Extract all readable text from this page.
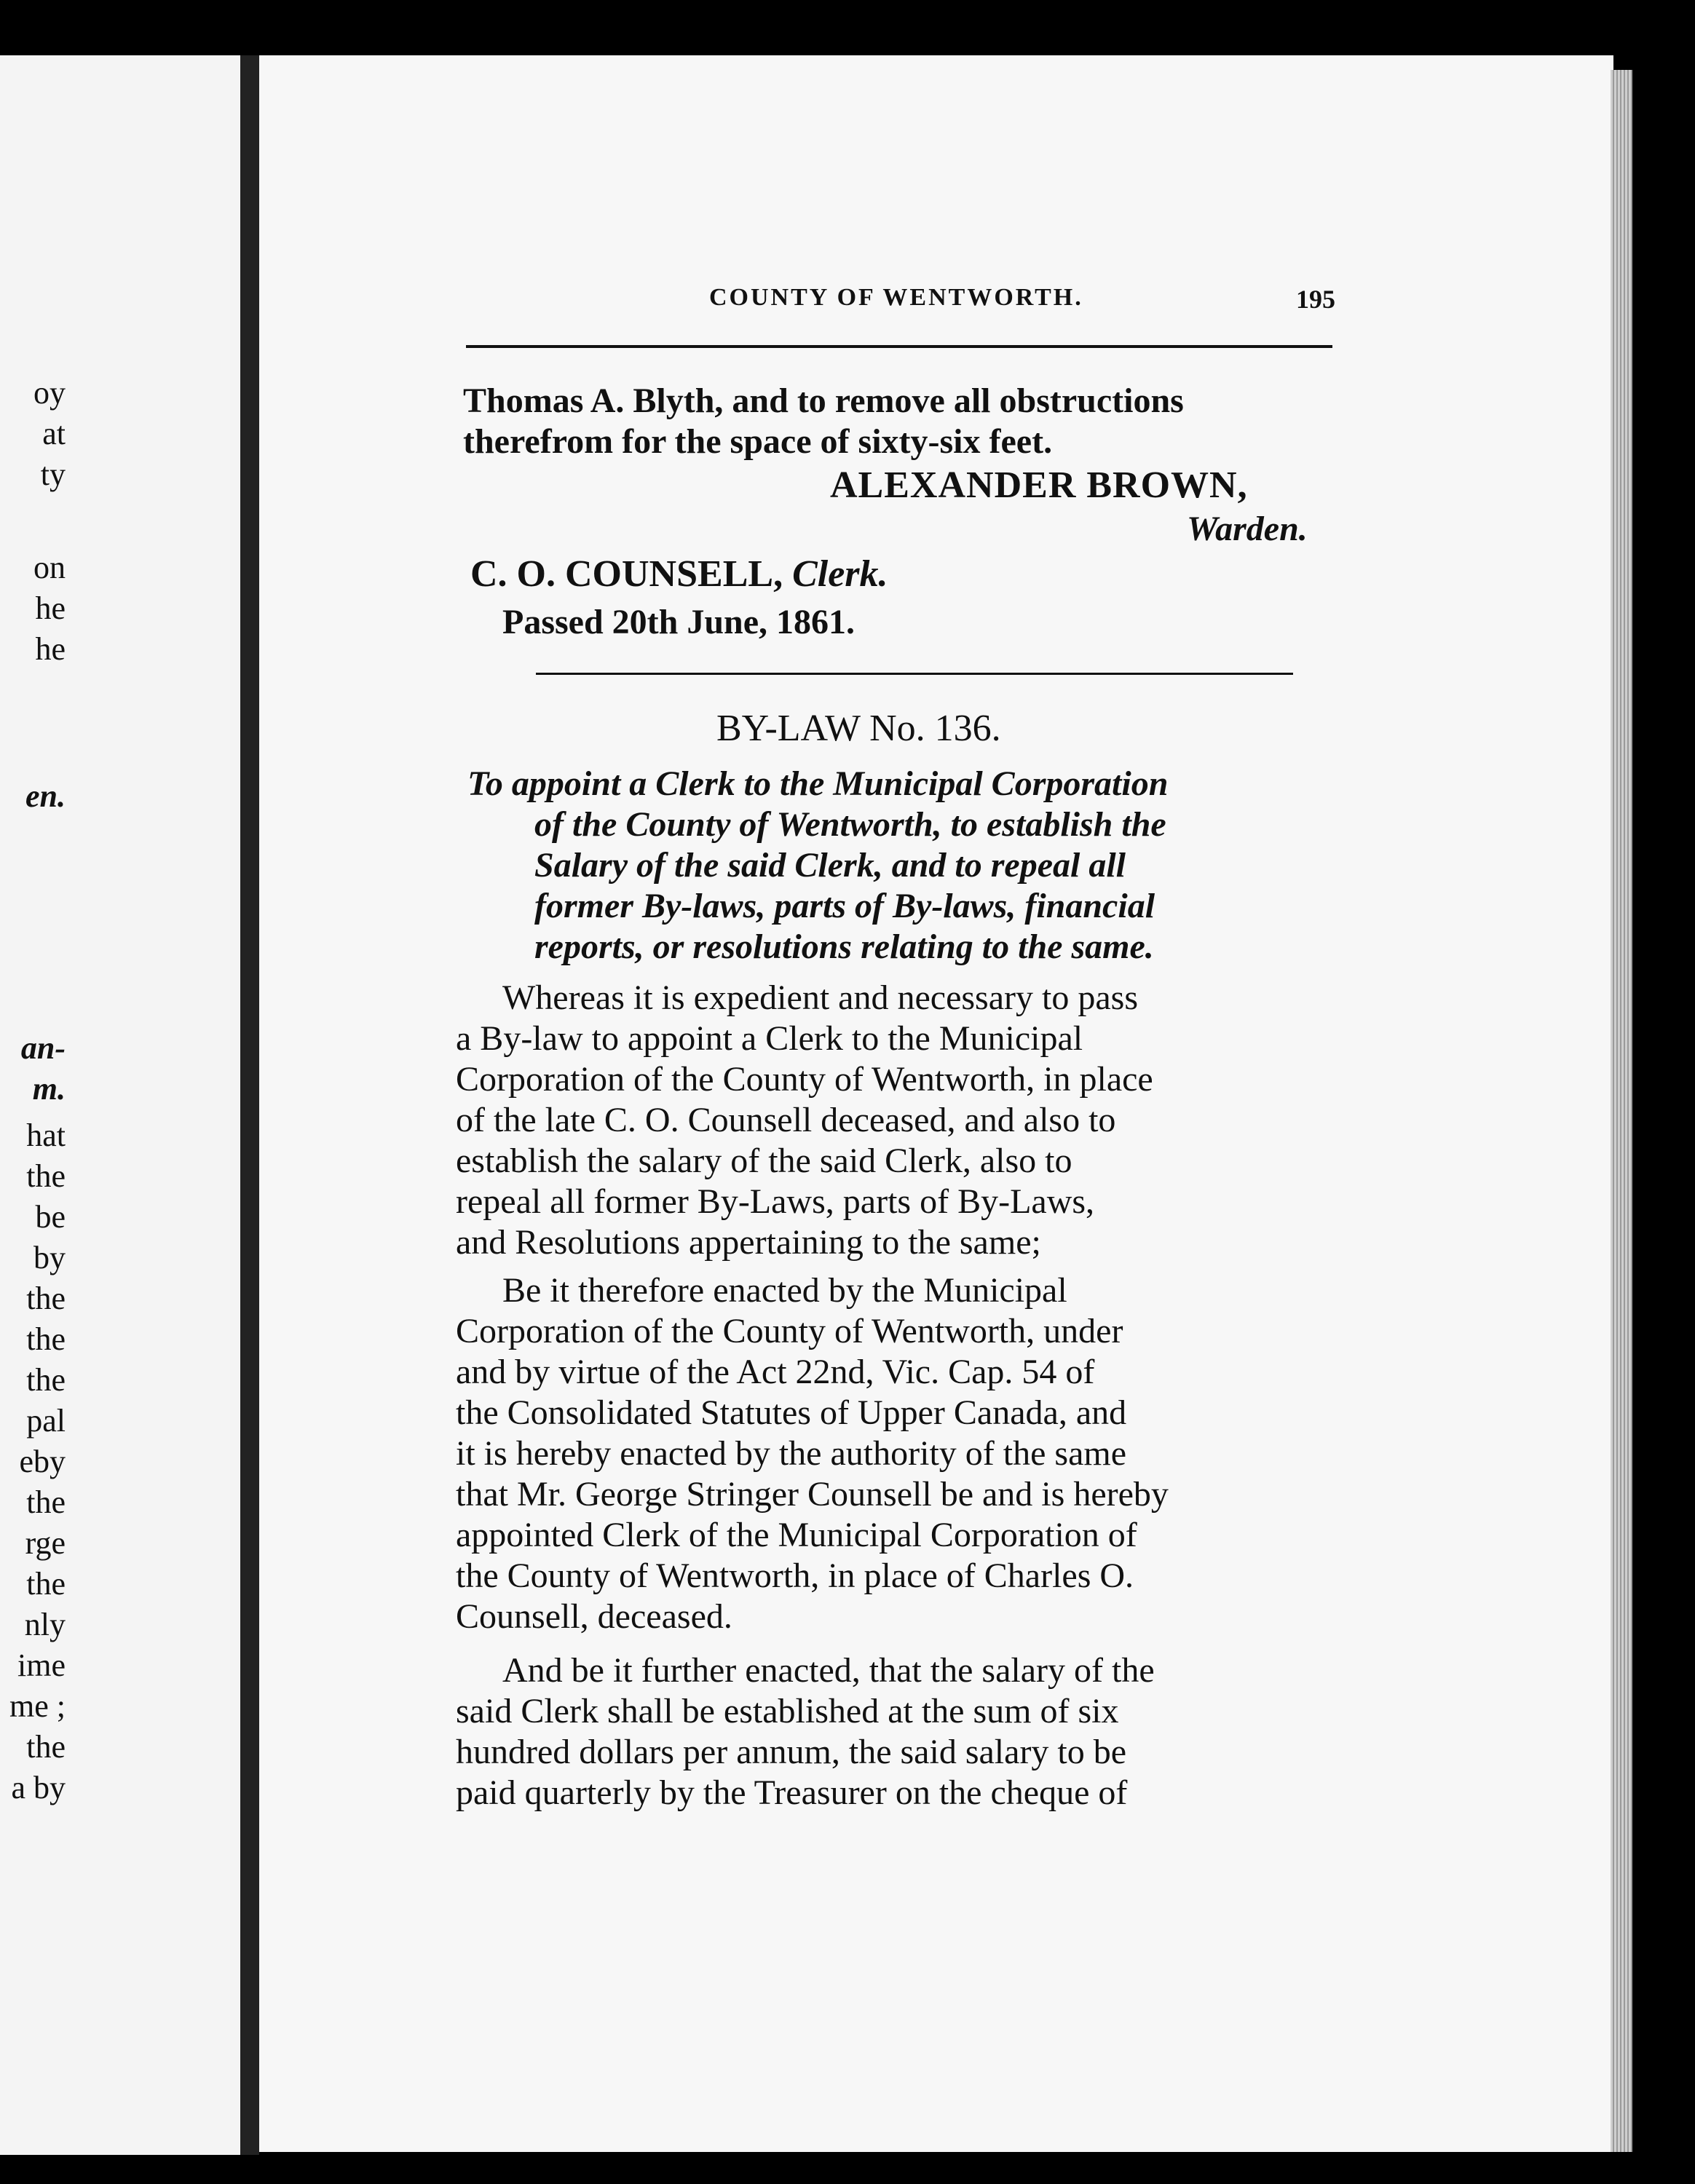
oy
at
ty
on
he
he
en.
an-
m.
hat
the
be
by
the
the
the
pal
eby
the
rge
the
nly
ime
me ;
the
a by
COUNTY OF WENTWORTH.	195
Thomas A. Blyth, and to remove all obstructions
therefrom for the space of sixty-six feet.
ALEXANDER BROWN,
Warden.
C. O. COUNSELL, Clerk.
Passed 20th June, 1861.
BY-LAW No. 136.
To appoint a Clerk to the Municipal Corporation
of the County of Wentworth, to establish the
Salary of the said Clerk, and to repeal all
former By-laws, parts of By-laws, financial
reports, or resolutions relating to the same.
Whereas it is expedient and necessary to pass
a By-law to appoint a Clerk to the Municipal
Corporation of the County of Wentworth, in place
of the late C. O. Counsell deceased, and also to
establish the salary of the said Clerk, also to
repeal all former By-Laws, parts of By-Laws,
and Resolutions appertaining to the same;
Be it therefore enacted by the Municipal
Corporation of the County of Wentworth, under
and by virtue of the Act 22nd, Vic. Cap. 54 of
the Consolidated Statutes of Upper Canada, and
it is hereby enacted by the authority of the same
that Mr. George Stringer Counsell be and is hereby
appointed Clerk of the Municipal Corporation of
the County of Wentworth, in place of Charles O.
Counsell, deceased.
And be it further enacted, that the salary of the
said Clerk shall be established at the sum of six
hundred dollars per annum, the said salary to be
paid quarterly by the Treasurer on the cheque of
